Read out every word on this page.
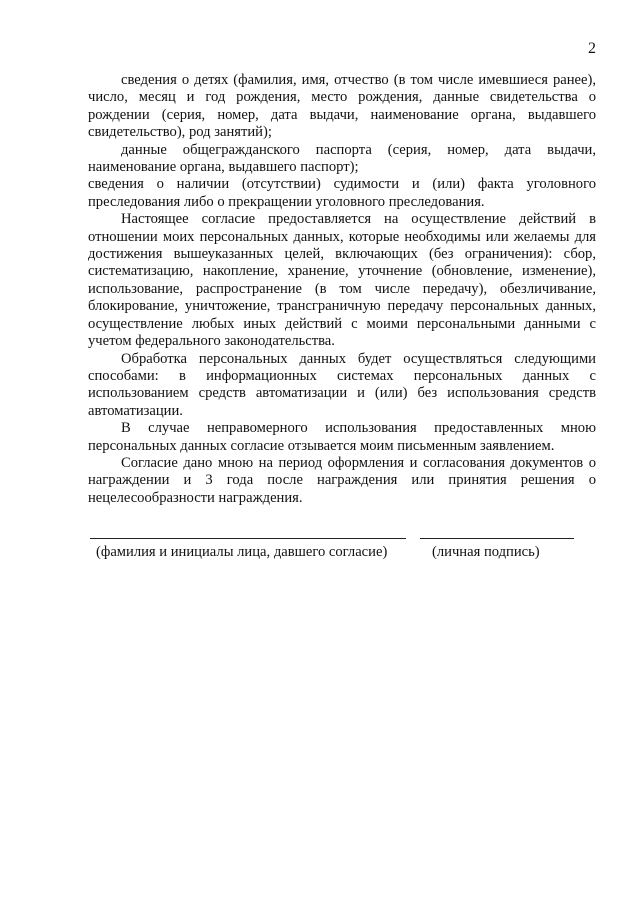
2

сведения о детях (фамилия, имя, отчество (в том числе имевшиеся ранее), число, месяц и год рождения, место рождения, данные свидетельства о рождении (серия, номер, дата выдачи, наименование органа, выдавшего свидетельство), род занятий);

данные общегражданского паспорта (серия, номер, дата выдачи, наименование органа, выдавшего паспорт);

сведения о наличии (отсутствии) судимости и (или) факта уголовного преследования либо о прекращении уголовного преследования.

Настоящее согласие предоставляется на осуществление действий в отношении моих персональных данных, которые необходимы или желаемы для достижения вышеуказанных целей, включающих (без ограничения): сбор, систематизацию, накопление, хранение, уточнение (обновление, изменение), использование, распространение (в том числе передачу), обезличивание, блокирование, уничтожение, трансграничную передачу персональных данных, осуществление любых иных действий с моими персональными данными с учетом федерального законодательства.

Обработка персональных данных будет осуществляться следующими способами: в информационных системах персональных данных с использованием средств автоматизации и (или) без использования средств автоматизации.

В случае неправомерного использования предоставленных мною персональных данных согласие отзывается моим письменным заявлением.

Согласие дано мною на период оформления и согласования документов о награждении и 3 года после награждения или принятия решения о нецелесообразности награждения.

(фамилия и инициалы лица, давшего согласие)	(личная подпись)
